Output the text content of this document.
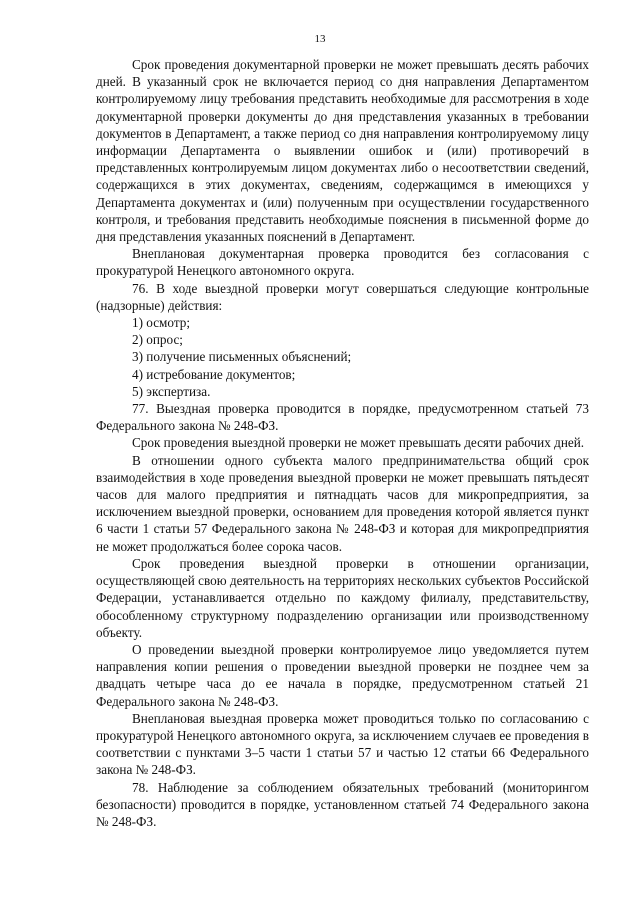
13

Срок проведения документарной проверки не может превышать десять рабочих дней. В указанный срок не включается период со дня направления Департаментом контролируемому лицу требования представить необходимые для рассмотрения в ходе документарной проверки документы до дня представления указанных в требовании документов в Департамент, а также период со дня направления контролируемому лицу информации Департамента о выявлении ошибок и (или) противоречий в представленных контролируемым лицом документах либо о несоответствии сведений, содержащихся в этих документах, сведениям, содержащимся в имеющихся у Департамента документах и (или) полученным при осуществлении государственного контроля, и требования представить необходимые пояснения в письменной форме до дня представления указанных пояснений в Департамент.

Внеплановая документарная проверка проводится без согласования с прокуратурой Ненецкого автономного округа.

76. В ходе выездной проверки могут совершаться следующие контрольные (надзорные) действия:

1) осмотр;

2) опрос;

3) получение письменных объяснений;

4) истребование документов;

5) экспертиза.

77. Выездная проверка проводится в порядке, предусмотренном статьей 73 Федерального закона № 248-ФЗ.

Срок проведения выездной проверки не может превышать десяти рабочих дней.

В отношении одного субъекта малого предпринимательства общий срок взаимодействия в ходе проведения выездной проверки не может превышать пятьдесят часов для малого предприятия и пятнадцать часов для микропредприятия, за исключением выездной проверки, основанием для проведения которой является пункт 6 части 1 статьи 57 Федерального закона № 248-ФЗ и которая для микропредприятия не может продолжаться более сорока часов.

Срок проведения выездной проверки в отношении организации, осуществляющей свою деятельность на территориях нескольких субъектов Российской Федерации, устанавливается отдельно по каждому филиалу, представительству, обособленному структурному подразделению организации или производственному объекту.

О проведении выездной проверки контролируемое лицо уведомляется путем направления копии решения о проведении выездной проверки не позднее чем за двадцать четыре часа до ее начала в порядке, предусмотренном статьей 21 Федерального закона № 248-ФЗ.

Внеплановая выездная проверка может проводиться только по согласованию с прокуратурой Ненецкого автономного округа, за исключением случаев ее проведения в соответствии с пунктами 3–5 части 1 статьи 57 и частью 12 статьи 66 Федерального закона № 248-ФЗ.

78. Наблюдение за соблюдением обязательных требований (мониторингом безопасности) проводится в порядке, установленном статьей 74 Федерального закона № 248-ФЗ.
